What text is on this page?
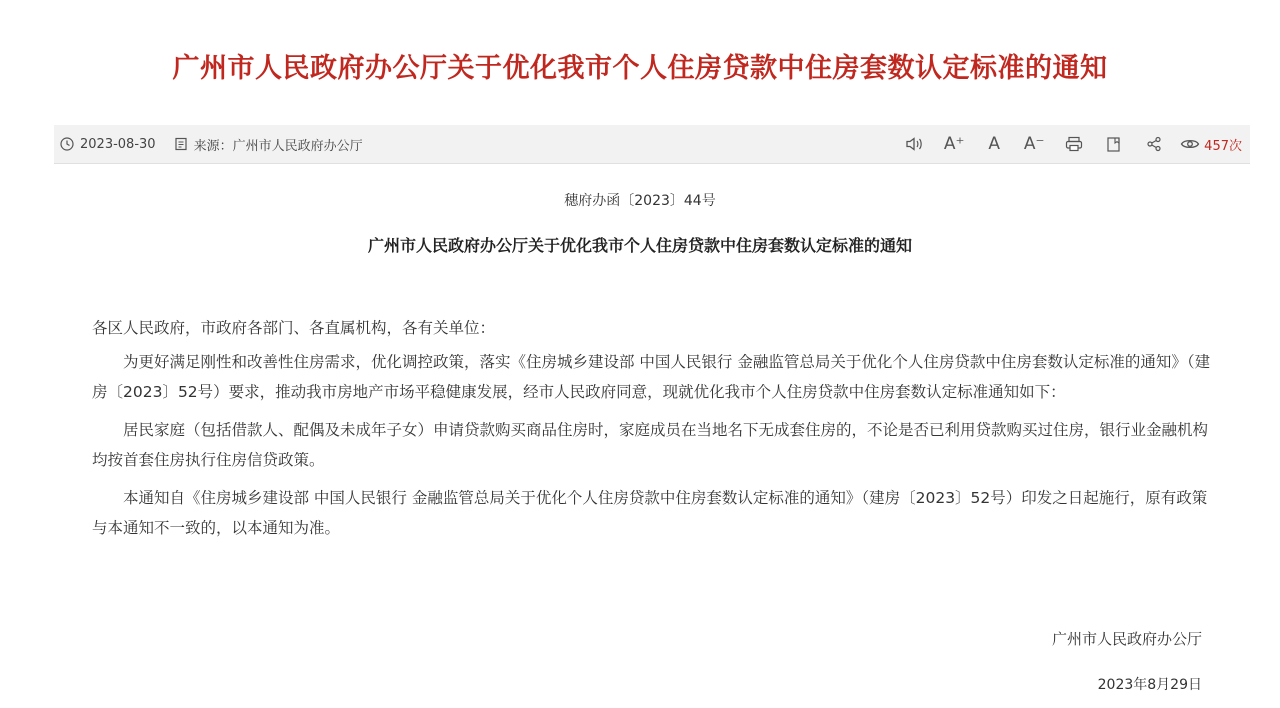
广州市人民政府办公厅关于优化我市个人住房贷款中住房套数认定标准的通知
2023-08-30	来源：广州市人民政府办公厅	A⁺	A	A⁻	457次
穗府办函〔2023〕44号
广州市人民政府办公厅关于优化我市个人住房贷款中住房套数认定标准的通知

各区人民政府，市政府各部门、各直属机构，各有关单位：

为更好满足刚性和改善性住房需求，优化调控政策，落实《住房城乡建设部 中国人民银行 金融监管总局关于优化个人住房贷款中住房套数认定标准的通知》（建房〔2023〕52号）要求，推动我市房地产市场平稳健康发展，经市人民政府同意，现就优化我市个人住房贷款中住房套数认定标准通知如下：

居民家庭（包括借款人、配偶及未成年子女）申请贷款购买商品住房时，家庭成员在当地名下无成套住房的，不论是否已利用贷款购买过住房，银行业金融机构均按首套住房执行住房信贷政策。

本通知自《住房城乡建设部 中国人民银行 金融监管总局关于优化个人住房贷款中住房套数认定标准的通知》（建房〔2023〕52号）印发之日起施行，原有政策与本通知不一致的，以本通知为准。

广州市人民政府办公厅
2023年8月29日
